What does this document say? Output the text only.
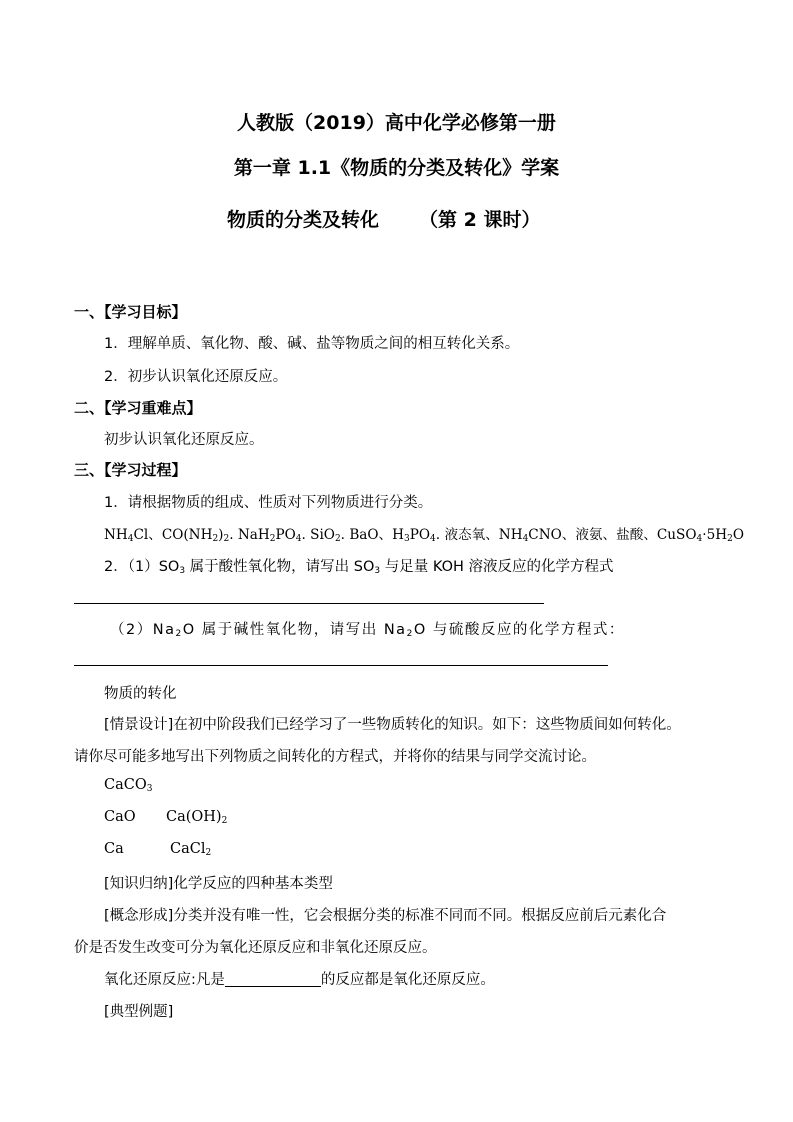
人教版（2019）高中化学必修第一册
第一章 1.1《物质的分类及转化》学案
物质的分类及转化 （第 2 课时）
一、【学习目标】
1．理解单质、氧化物、酸、碱、盐等物质之间的相互转化关系。
2．初步认识氧化还原反应。
二、【学习重难点】
初步认识氧化还原反应。
三、【学习过程】
1．请根据物质的组成、性质对下列物质进行分类。
$NH_4Cl$、$CO(NH_2)_2$. $NaH_2PO_4$. SiO$_2$. BaO、$H_3PO_4$. 液态氧、$NH_4CNO$、液氨、盐酸、$CuSO_4\cdot 5H_2O$
2．$(1)SO_3$ 属于酸性氧化物，请写出 $SO_3$ 与足量 KOH 溶液反应的化学方程式
$(2)Na_2O$ 属于碱性氧化物，请写出 $Na_2O$ 与硫酸反应的化学方程式：
物质的转化
[情景设计]在初中阶段我们已经学习了一些物质转化的知识。如下：这些物质间如何转化。
请你尽可能多地写出下列物质之间转化的方程式，并将你的结果与同学交流讨论。
CaCO$_3$
CaO $Ca(OH)_2$
Ca	CaCl$_2$
[知识归纳]化学反应的四种基本类型
[概念形成]分类并没有唯一性，它会根据分类的标准不同而不同。根据反应前后元素化合
价是否发生改变可分为氧化还原反应和非氧化还原反应。
氧化还原反应:凡是	的反应都是氧化还原反应。
[典型例题]
